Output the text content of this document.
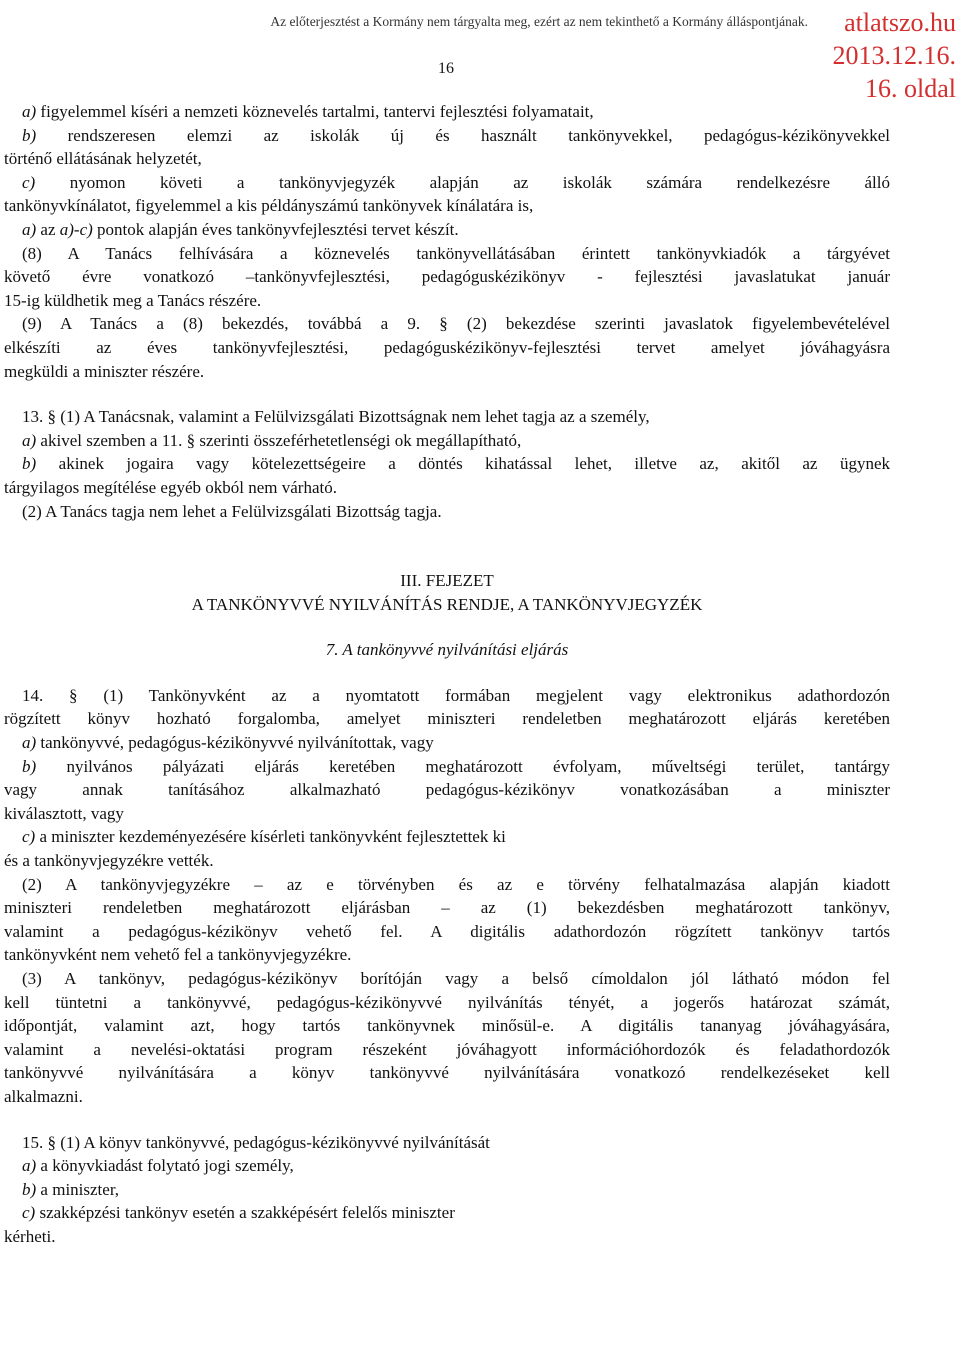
Az előterjesztést a Kormány nem tárgyalta meg, ezért az nem tekinthető a Kormány álláspontjának.	atlatszo.hu
2013.12.16.
16. oldal
16
a) figyelemmel kíséri a nemzeti köznevelés tartalmi, tantervi fejlesztési folyamatait,
b) rendszeresen elemzi az iskolák új és használt tankönyvekkel, pedagógus-kézikönyvekkel
történő ellátásának helyzetét,
c) nyomon követi a tankönyvjegyzék alapján az iskolák számára rendelkezésre álló
tankönyvkínálatot, figyelemmel a kis példányszámú tankönyvek kínálatára is,
a) az a)-c) pontok alapján éves tankönyvfejlesztési tervet készít.
(8) A Tanács felhívására a köznevelés tankönyvellátásában érintett tankönyvkiadók a tárgyévet
követő évre vonatkozó –tankönyvfejlesztési, pedagóguskézikönyv - fejlesztési javaslatukat január
15-ig küldhetik meg a Tanács részére.
(9) A Tanács a (8) bekezdés, továbbá a 9. § (2) bekezdése szerinti javaslatok figyelembevételével
elkészíti az éves tankönyvfejlesztési, pedagóguskézikönyv-fejlesztési tervet amelyet jóváhagyásra
megküldi a miniszter részére.
13. § (1) A Tanácsnak, valamint a Felülvizsgálati Bizottságnak nem lehet tagja az a személy,
a) akivel szemben a 11. § szerinti összeférhetetlenségi ok megállapítható,
b) akinek jogaira vagy kötelezettségeire a döntés kihatással lehet, illetve az, akitől az ügynek
tárgyilagos megítélése egyéb okból nem várható.
(2) A Tanács tagja nem lehet a Felülvizsgálati Bizottság tagja.
III. FEJEZET
A TANKÖNYVVÉ NYILVÁNÍTÁS RENDJE, A TANKÖNYVJEGYZÉK
7. A tankönyvvé nyilvánítási eljárás
14. § (1) Tankönyvként az a nyomtatott formában megjelent vagy elektronikus adathordozón
rögzített könyv hozható forgalomba, amelyet miniszteri rendeletben meghatározott eljárás keretében
a) tankönyvvé, pedagógus-kézikönyvvé nyilvánítottak, vagy
b) nyilvános pályázati eljárás keretében meghatározott évfolyam, műveltségi terület, tantárgy
vagy annak tanításához alkalmazható pedagógus-kézikönyv vonatkozásában a miniszter
kiválasztott, vagy
c) a miniszter kezdeményezésére kísérleti tankönyvként fejlesztettek ki
és a tankönyvjegyzékre vették.
(2) A tankönyvjegyzékre – az e törvényben és az e törvény felhatalmazása alapján kiadott
miniszteri rendeletben meghatározott eljárásban – az (1) bekezdésben meghatározott tankönyv,
valamint a pedagógus-kézikönyv vehető fel. A digitális adathordozón rögzített tankönyv tartós
tankönyvként nem vehető fel a tankönyvjegyzékre.
(3) A tankönyv, pedagógus-kézikönyv borítóján vagy a belső címoldalon jól látható módon fel
kell tüntetni a tankönyvvé, pedagógus-kézikönyvvé nyilvánítás tényét, a jogerős határozat számát,
időpontját, valamint azt, hogy tartós tankönyvnek minősül-e. A digitális tananyag jóváhagyására,
valamint a nevelési-oktatási program részeként jóváhagyott információhordozók és feladathordozók
tankönyvvé nyilvánítására a könyv tankönyvvé nyilvánítására vonatkozó rendelkezéseket kell
alkalmazni.
15. § (1) A könyv tankönyvvé, pedagógus-kézikönyvvé nyilvánítását
a) a könyvkiadást folytató jogi személy,
b) a miniszter,
c) szakképzési tankönyv esetén a szakképésért felelős miniszter
kérheti.
